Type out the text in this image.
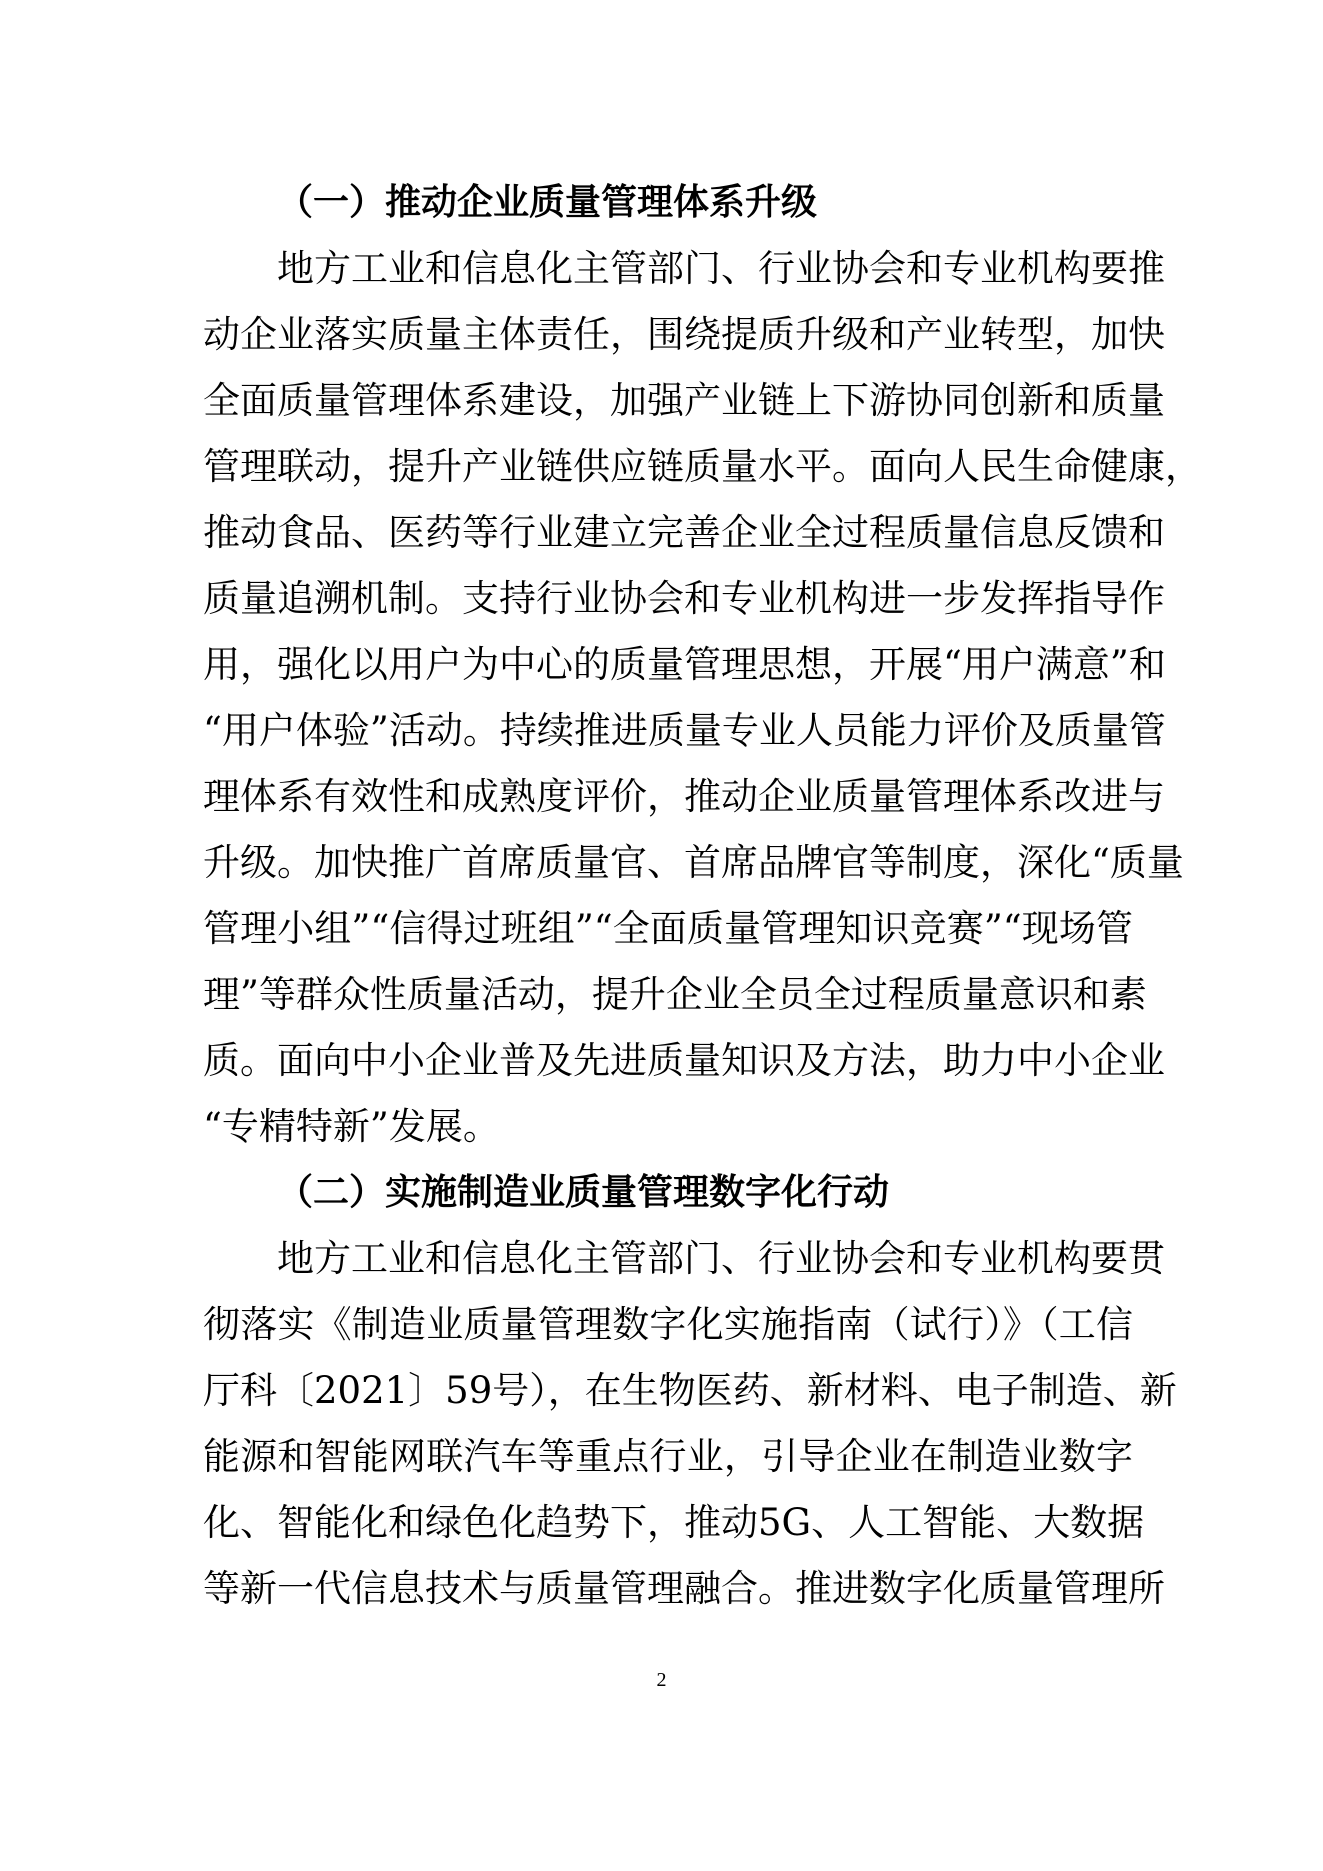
（一）推动企业质量管理体系升级
地方工业和信息化主管部门、行业协会和专业机构要推
动企业落实质量主体责任，围绕提质升级和产业转型，加快
全面质量管理体系建设，加强产业链上下游协同创新和质量
管理联动，提升产业链供应链质量水平。面向人民生命健康，
推动食品、医药等行业建立完善企业全过程质量信息反馈和
质量追溯机制。支持行业协会和专业机构进一步发挥指导作
用，强化以用户为中心的质量管理思想，开展“用户满意”和
“用户体验”活动。持续推进质量专业人员能力评价及质量管
理体系有效性和成熟度评价，推动企业质量管理体系改进与
升级。加快推广首席质量官、首席品牌官等制度，深化“质量
管理小组”“信得过班组”“全面质量管理知识竞赛”“现场管
理”等群众性质量活动，提升企业全员全过程质量意识和素
质。面向中小企业普及先进质量知识及方法，助力中小企业
“专精特新”发展。
（二）实施制造业质量管理数字化行动
地方工业和信息化主管部门、行业协会和专业机构要贯
彻落实《制造业质量管理数字化实施指南（试行）》（工信
厅科〔2021〕59号），在生物医药、新材料、电子制造、新
能源和智能网联汽车等重点行业，引导企业在制造业数字
化、智能化和绿色化趋势下，推动5G、人工智能、大数据
等新一代信息技术与质量管理融合。推进数字化质量管理所
2
